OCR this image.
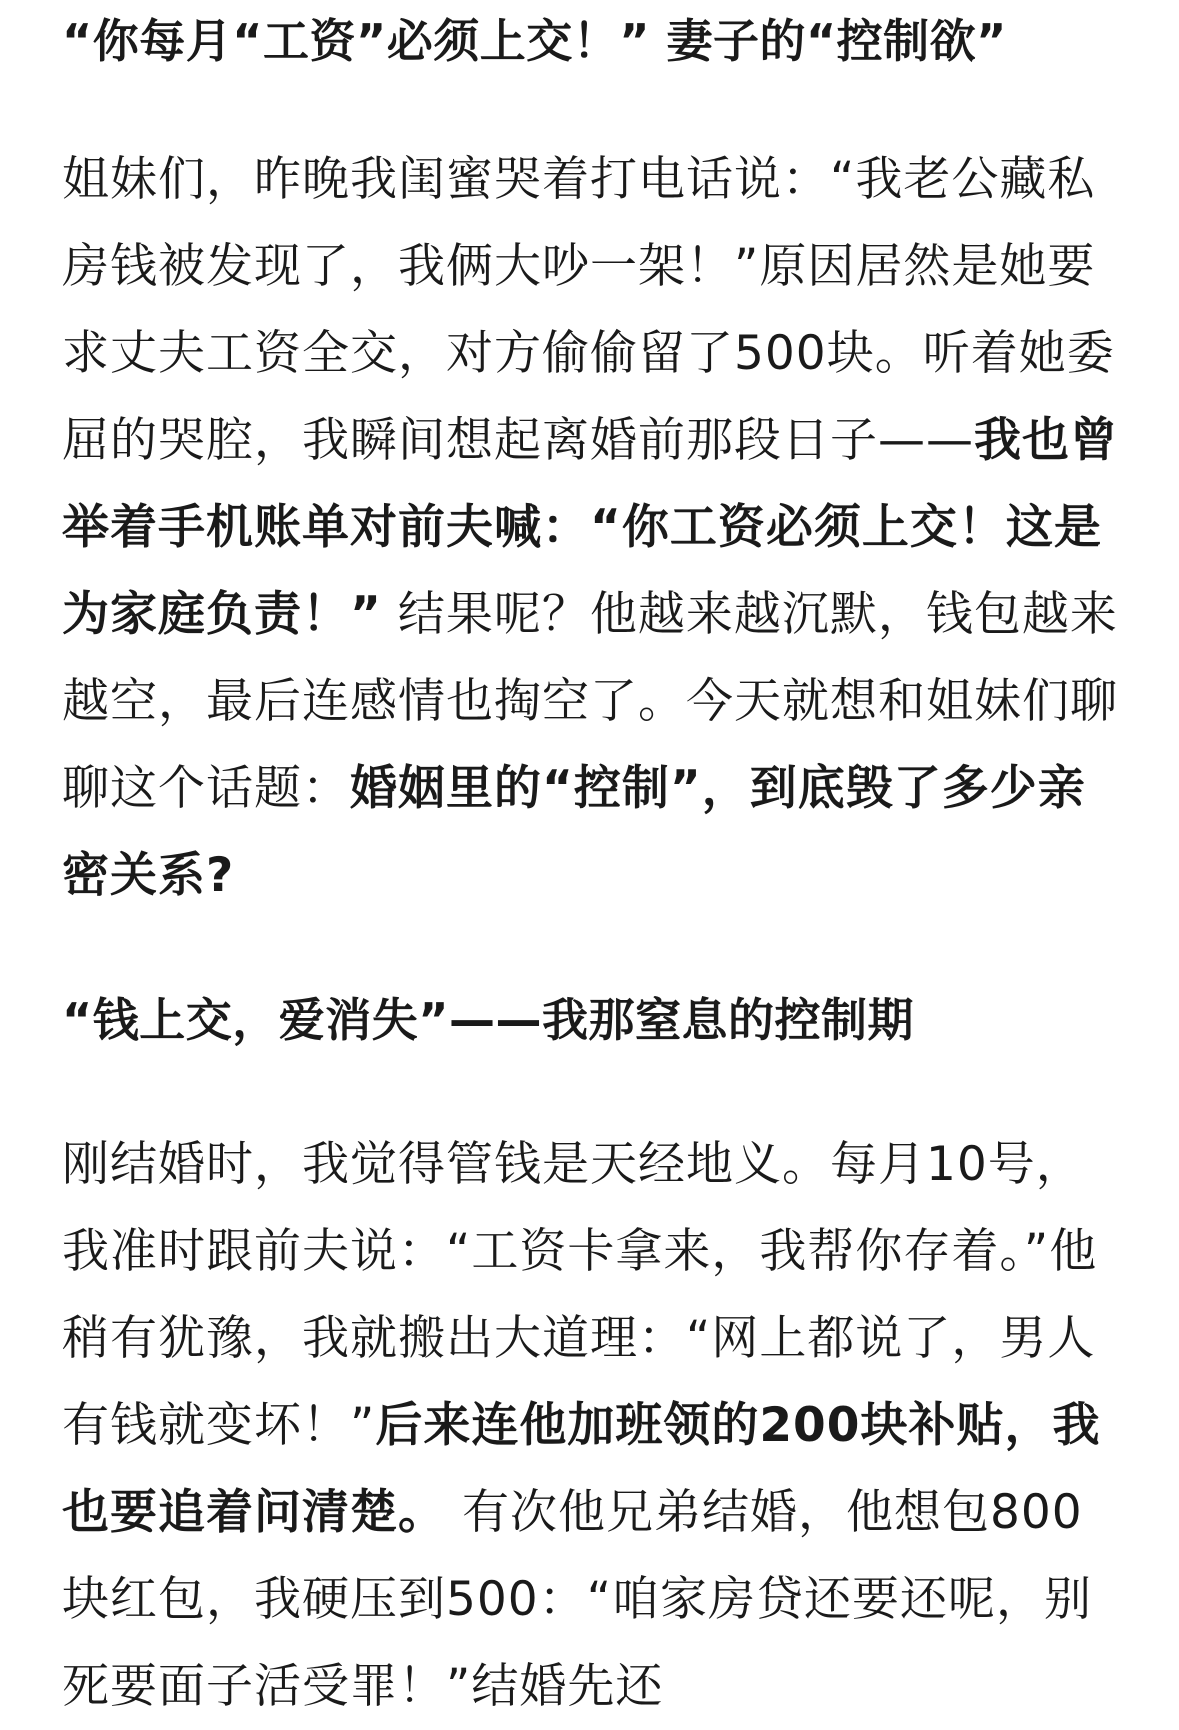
“你每月“工资”必须上交！” 妻子的“控制欲”

姐妹们，昨晚我闺蜜哭着打电话说：“我老公藏私房钱被发现了，我俩大吵一架！”原因居然是她要求丈夫工资全交，对方偷偷留了500块。听着她委屈的哭腔，我瞬间想起离婚前那段日子——我也曾举着手机账单对前夫喊：“你工资必须上交！这是为家庭负责！” 结果呢？他越来越沉默，钱包越来越空，最后连感情也掏空了。今天就想和姐妹们聊聊这个话题：婚姻里的“控制”，到底毁了多少亲密关系?

“钱上交，爱消失”——我那窒息的控制期

刚结婚时，我觉得管钱是天经地义。每月10号，我准时跟前夫说：“工资卡拿来，我帮你存着。”他稍有犹豫，我就搬出大道理：“网上都说了，男人有钱就变坏！”后来连他加班领的200块补贴，我也要追着问清楚。 有次他兄弟结婚，他想包800块红包，我硬压到500：“咱家房贷还要还呢，别死要面子活受罪！”结婚先还
